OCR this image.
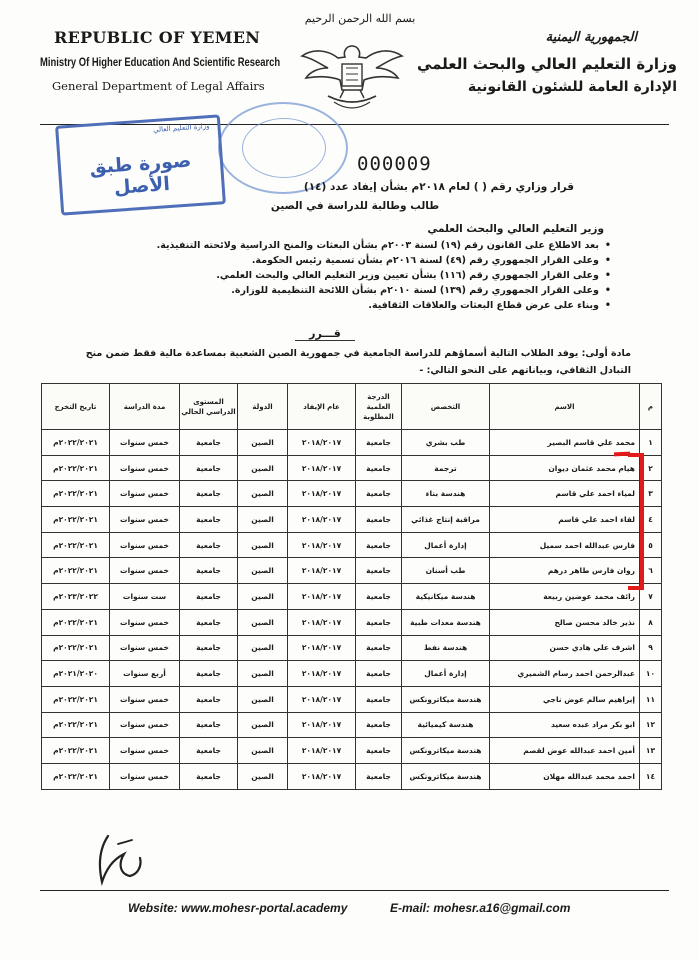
REPUBLIC OF YEMEN
Ministry Of Higher Education And Scientific Research
General Department of Legal Affairs
بسم الله الرحمن الرحيم
الجمهورية اليمنية
وزارة التعليم العالي والبحث العلمي
الإدارة العامة للشئون القانونية
وزارة التعليم العالي
صورة طبق الأصل
000009
قرار وزاري رقم ( ) لعام ٢٠١٨م بشأن إيفاد عدد (١٤)
طالب وطالبة للدراسة في الصين
وزير التعليم العالي والبحث العلمي
• بعد الاطلاع على القانون رقم (١٩) لسنة ٢٠٠٣م بشأن البعثات والمنح الدراسية ولائحته التنفيذية.
• وعلى القرار الجمهوري رقم (٤٩) لسنة ٢٠١٦م بشأن تسمية رئيس الحكومة.
• وعلى القرار الجمهوري رقم (١١٦) بشأن تعيين وزير التعليم العالي والبحث العلمي.
• وعلى القرار الجمهوري رقم (١٣٩) لسنة ٢٠١٠م بشأن اللائحة التنظيمية للوزارة.
• وبناء على عرض قطاع البعثات والعلاقات الثقافية.
قـــرر
مادة أولى: يوفد الطلاب التالية أسماؤهم للدراسة الجامعية في جمهورية الصين الشعبية بمساعدة مالية فقط ضمن منح التبادل الثقافي، وبياناتهم على النحو التالي: -
م	الاسم	التخصص	الدرجة العلمية المطلوبة	عام الإيفاد	الدولة	المستوى الدراسي الحالي	مدة الدراسة	تاريخ التخرج
١	محمد علي قاسم البصير	طب بشري	جامعية	٢٠١٨/٢٠١٧	الصين	جامعية	خمس سنوات	٢٠٢٢/٢٠٢١م
٢	هيام محمد عثمان ديوان	ترجمة	جامعية	٢٠١٨/٢٠١٧	الصين	جامعية	خمس سنوات	٢٠٢٢/٢٠٢١م
٣	لمياء احمد علي قاسم	هندسة بناء	جامعية	٢٠١٨/٢٠١٧	الصين	جامعية	خمس سنوات	٢٠٢٢/٢٠٢١م
٤	لقاء احمد علي قاسم	مراقبة إنتاج غذائي	جامعية	٢٠١٨/٢٠١٧	الصين	جامعية	خمس سنوات	٢٠٢٢/٢٠٢١م
٥	فارس عبدالله احمد سميل	إدارة أعمال	جامعية	٢٠١٨/٢٠١٧	الصين	جامعية	خمس سنوات	٢٠٢٢/٢٠٢١م
٦	روان فارس طاهر درهم	طب أسنان	جامعية	٢٠١٨/٢٠١٧	الصين	جامعية	خمس سنوات	٢٠٢٢/٢٠٢١م
٧	رائف محمد عوضين ربيعة	هندسة ميكانيكية	جامعية	٢٠١٨/٢٠١٧	الصين	جامعية	ست سنوات	٢٠٢٣/٢٠٢٢م
٨	نذير خالد محسن صالح	هندسة معدات طبية	جامعية	٢٠١٨/٢٠١٧	الصين	جامعية	خمس سنوات	٢٠٢٢/٢٠٢١م
٩	اشرف علي هادي حسن	هندسة نفط	جامعية	٢٠١٨/٢٠١٧	الصين	جامعية	خمس سنوات	٢٠٢٢/٢٠٢١م
١٠	عبدالرحمن احمد رسام الشميري	إدارة أعمال	جامعية	٢٠١٨/٢٠١٧	الصين	جامعية	أربع سنوات	٢٠٢١/٢٠٢٠م
١١	إبراهيم سالم عوض ناجي	هندسة ميكاترونكس	جامعية	٢٠١٨/٢٠١٧	الصين	جامعية	خمس سنوات	٢٠٢٢/٢٠٢١م
١٢	ابو بكر مراد عبده سعيد	هندسة كيميائية	جامعية	٢٠١٨/٢٠١٧	الصين	جامعية	خمس سنوات	٢٠٢٢/٢٠٢١م
١٣	أمين احمد عبدالله عوض لقصم	هندسة ميكاترونكس	جامعية	٢٠١٨/٢٠١٧	الصين	جامعية	خمس سنوات	٢٠٢٢/٢٠٢١م
١٤	احمد محمد عبدالله مهلان	هندسة ميكاترونكس	جامعية	٢٠١٨/٢٠١٧	الصين	جامعية	خمس سنوات	٢٠٢٢/٢٠٢١م
Website: www.mohesr-portal.academy	E-mail: mohesr.a16@gmail.com
